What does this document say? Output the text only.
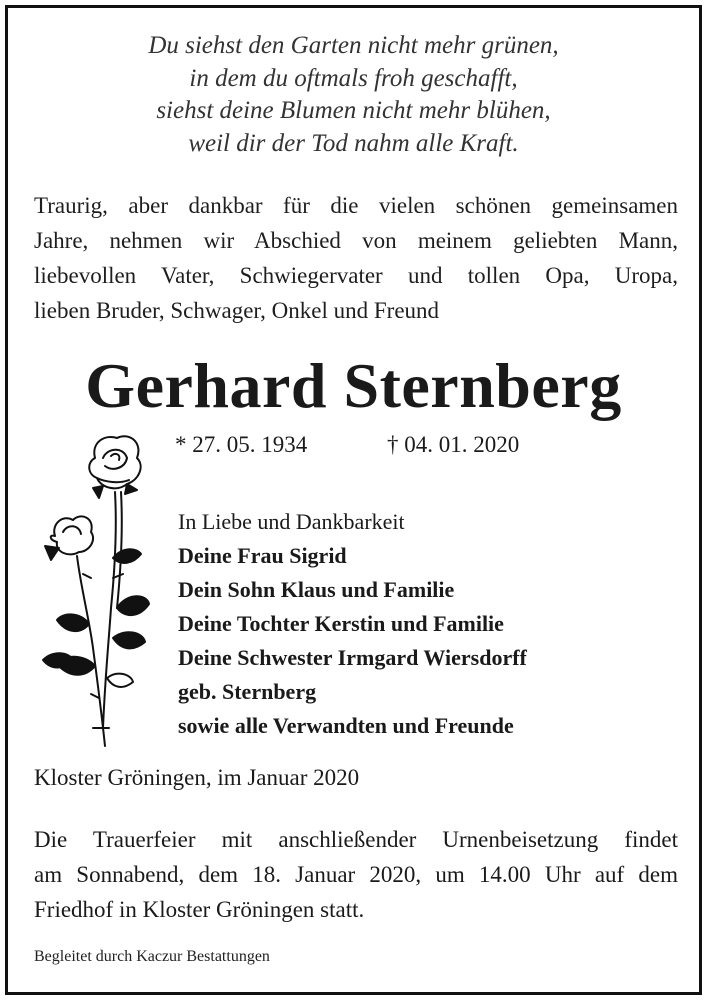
Du siehst den Garten nicht mehr grünen,
in dem du oftmals froh geschafft,
siehst deine Blumen nicht mehr blühen,
weil dir der Tod nahm alle Kraft.
Traurig, aber dankbar für die vielen schönen gemeinsamen
Jahre, nehmen wir Abschied von meinem geliebten Mann,
liebevollen Vater, Schwiegervater und tollen Opa, Uropa,
lieben Bruder, Schwager, Onkel und Freund
Gerhard Sternberg
* 27. 05. 1934	† 04. 01. 2020
In Liebe und Dankbarkeit
Deine Frau Sigrid
Dein Sohn Klaus und Familie
Deine Tochter Kerstin und Familie
Deine Schwester Irmgard Wiersdorff
geb. Sternberg
sowie alle Verwandten und Freunde
Kloster Gröningen, im Januar 2020
Die Trauerfeier mit anschließender Urnenbeisetzung findet
am Sonnabend, dem 18. Januar 2020, um 14.00 Uhr auf dem
Friedhof in Kloster Gröningen statt.
Begleitet durch Kaczur Bestattungen
